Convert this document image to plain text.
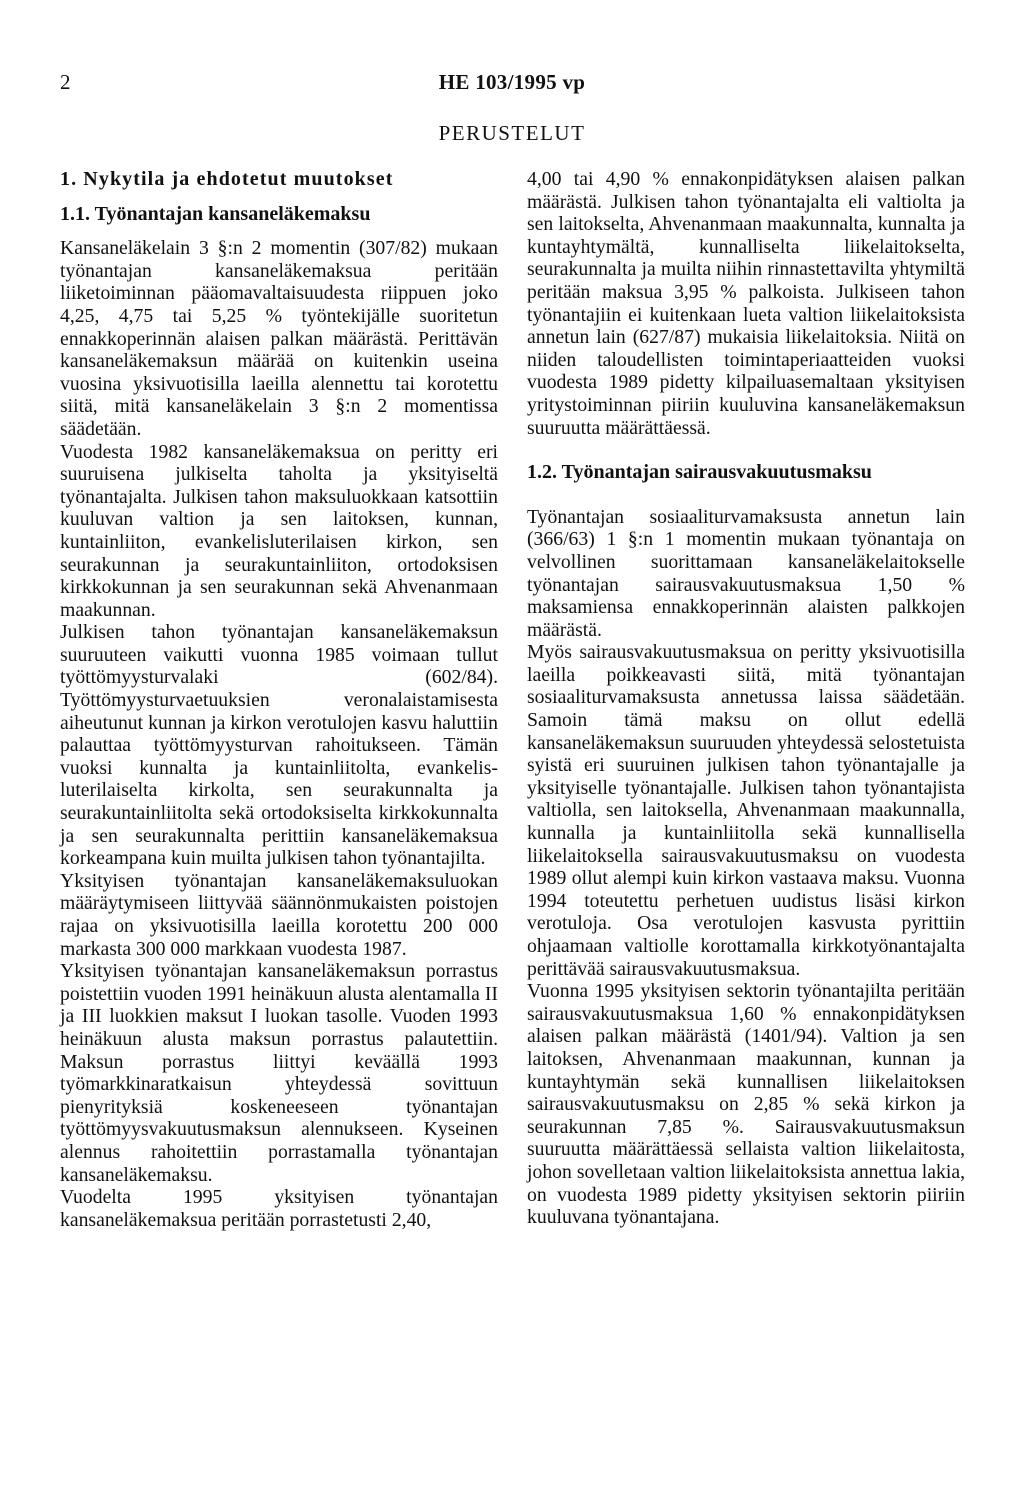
2	HE 103/1995 vp
PERUSTELUT
1. Nykytila ja ehdotetut muutokset
1.1. Työnantajan kansaneläkemaksu

Kansaneläkelain 3 §:n 2 momentin (307/82) mukaan työnantajan kansaneläkemaksua peritään liiketoiminnan pääomavaltaisuudesta riippuen joko 4,25, 4,75 tai 5,25 % työntekijälle suoritetun ennakkoperinnän alaisen palkan määrästä. Perittävän kansaneläkemaksun määrää on kuitenkin useina vuosina yksivuotisilla laeilla alennettu tai korotettu siitä, mitä kansaneläkelain 3 §:n 2 momentissa säädetään.

Vuodesta 1982 kansaneläkemaksua on peritty eri suuruisena julkiselta taholta ja yksityiseltä työnantajalta. Julkisen tahon maksuluokkaan katsottiin kuuluvan valtion ja sen laitoksen, kunnan, kuntainliiton, evankelisluterilaisen kirkon, sen seurakunnan ja seurakuntainliiton, ortodoksisen kirkkokunnan ja sen seurakunnan sekä Ahvenanmaan maakunnan.

Julkisen tahon työnantajan kansaneläkemaksun suuruuteen vaikutti vuonna 1985 voimaan tullut työttömyysturvalaki (602/84). Työttömyysturvaetuuksien veronalaistamisesta aiheutunut kunnan ja kirkon verotulojen kasvu haluttiin palauttaa työttömyysturvan rahoitukseen. Tämän vuoksi kunnalta ja kuntainliitolta, evankelis-luterilaiselta kirkolta, sen seurakunnalta ja seurakuntainliitolta sekä ortodoksiselta kirkkokunnalta ja sen seurakunnalta perittiin kansaneläkemaksua korkeampana kuin muilta julkisen tahon työnantajilta.

Yksityisen työnantajan kansaneläkemaksuluokan määräytymiseen liittyvää säännönmukaisten poistojen rajaa on yksivuotisilla laeilla korotettu 200 000 markasta 300 000 markkaan vuodesta 1987.

Yksityisen työnantajan kansaneläkemaksun porrastus poistettiin vuoden 1991 heinäkuun alusta alentamalla II ja III luokkien maksut I luokan tasolle. Vuoden 1993 heinäkuun alusta maksun porrastus palautettiin. Maksun porrastus liittyi keväällä 1993 työmarkkinaratkaisun yhteydessä sovittuun pienyrityksiä koskeneeseen työnantajan työttömyysvakuutusmaksun alennukseen. Kyseinen alennus rahoitettiin porrastamalla työnantajan kansaneläkemaksu.

Vuodelta 1995 yksityisen työnantajan kansaneläkemaksua peritään porrastetusti 2,40,

4,00 tai 4,90 % ennakonpidätyksen alaisen palkan määrästä. Julkisen tahon työnantajalta eli valtiolta ja sen laitokselta, Ahvenanmaan maakunnalta, kunnalta ja kuntayhtymältä, kunnalliselta liikelaitokselta, seurakunnalta ja muilta niihin rinnastettavilta yhtymiltä peritään maksua 3,95 % palkoista. Julkiseen tahon työnantajiin ei kuitenkaan lueta valtion liikelaitoksista annetun lain (627/87) mukaisia liikelaitoksia. Niitä on niiden taloudellisten toimintaperiaatteiden vuoksi vuodesta 1989 pidetty kilpailuasemaltaan yksityisen yritystoiminnan piiriin kuuluvina kansaneläkemaksun suuruutta määrättäessä.

1.2. Työnantajan sairausvakuutusmaksu

Työnantajan sosiaaliturvamaksusta annetun lain (366/63) 1 §:n 1 momentin mukaan työnantaja on velvollinen suorittamaan kansaneläkelaitokselle työnantajan sairausvakuutusmaksua 1,50 % maksamiensa ennakkoperinnän alaisten palkkojen määrästä.

Myös sairausvakuutusmaksua on peritty yksivuotisilla laeilla poikkeavasti siitä, mitä työnantajan sosiaaliturvamaksusta annetussa laissa säädetään. Samoin tämä maksu on ollut edellä kansaneläkemaksun suuruuden yhteydessä selostetuista syistä eri suuruinen julkisen tahon työnantajalle ja yksityiselle työnantajalle. Julkisen tahon työnantajista valtiolla, sen laitoksella, Ahvenanmaan maakunnalla, kunnalla ja kuntainliitolla sekä kunnallisella liikelaitoksella sairausvakuutusmaksu on vuodesta 1989 ollut alempi kuin kirkon vastaava maksu. Vuonna 1994 toteutettu perhetuen uudistus lisäsi kirkon verotuloja. Osa verotulojen kasvusta pyrittiin ohjaamaan valtiolle korottamalla kirkkotyönantajalta perittävää sairausvakuutusmaksua.

Vuonna 1995 yksityisen sektorin työnantajilta peritään sairausvakuutusmaksua 1,60 % ennakonpidätyksen alaisen palkan määrästä (1401/94). Valtion ja sen laitoksen, Ahvenanmaan maakunnan, kunnan ja kuntayhtymän sekä kunnallisen liikelaitoksen sairausvakuutusmaksu on 2,85 % sekä kirkon ja seurakunnan 7,85 %. Sairausvakuutusmaksun suuruutta määrättäessä sellaista valtion liikelaitosta, johon sovelletaan valtion liikelaitoksista annettua lakia, on vuodesta 1989 pidetty yksityisen sektorin piiriin kuuluvana työnantajana.
